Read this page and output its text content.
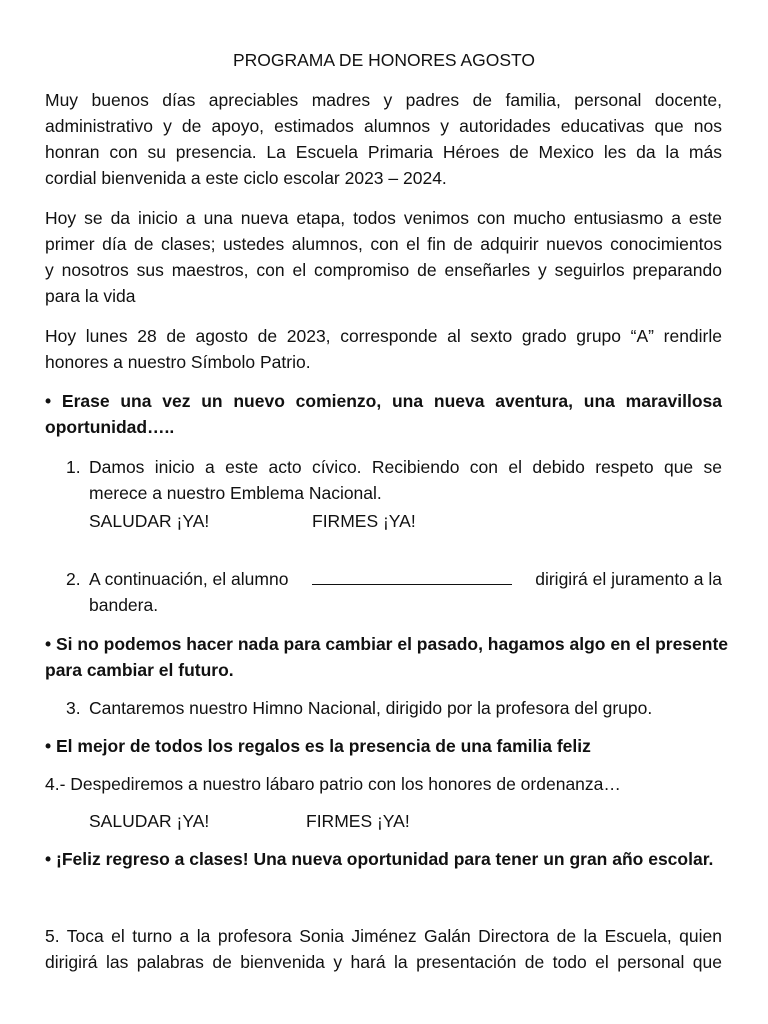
PROGRAMA DE HONORES AGOSTO
Muy buenos días apreciables madres y padres de familia, personal docente,
administrativo y de apoyo, estimados alumnos y autoridades educativas que nos
honran con su presencia. La Escuela Primaria Héroes de Mexico les da la más
cordial bienvenida a este ciclo escolar 2023 – 2024.
Hoy se da inicio a una nueva etapa, todos venimos con mucho entusiasmo a este
primer día de clases; ustedes alumnos, con el fin de adquirir nuevos conocimientos
y nosotros sus maestros, con el compromiso de enseñarles y seguirlos preparando
para la vida
Hoy lunes 28 de agosto de 2023, corresponde al sexto grado grupo “A” rendirle
honores a nuestro Símbolo Patrio.
• Erase una vez un nuevo comienzo, una nueva aventura, una maravillosa
oportunidad…..
1. Damos inicio a este acto cívico. Recibiendo con el debido respeto que se
merece a nuestro Emblema Nacional.
SALUDAR ¡YA!	FIRMES ¡YA!
2. A continuación, el alumno	dirigirá el juramento a la
bandera.
• Si no podemos hacer nada para cambiar el pasado, hagamos algo en el presente
para cambiar el futuro.
3. Cantaremos nuestro Himno Nacional, dirigido por la profesora del grupo.
• El mejor de todos los regalos es la presencia de una familia feliz
4.- Despediremos a nuestro lábaro patrio con los honores de ordenanza…
SALUDAR ¡YA!	FIRMES ¡YA!
• ¡Feliz regreso a clases! Una nueva oportunidad para tener un gran año escolar.
5. Toca el turno a la profesora Sonia Jiménez Galán Directora de la Escuela, quien
dirigirá las palabras de bienvenida y hará la presentación de todo el personal que
